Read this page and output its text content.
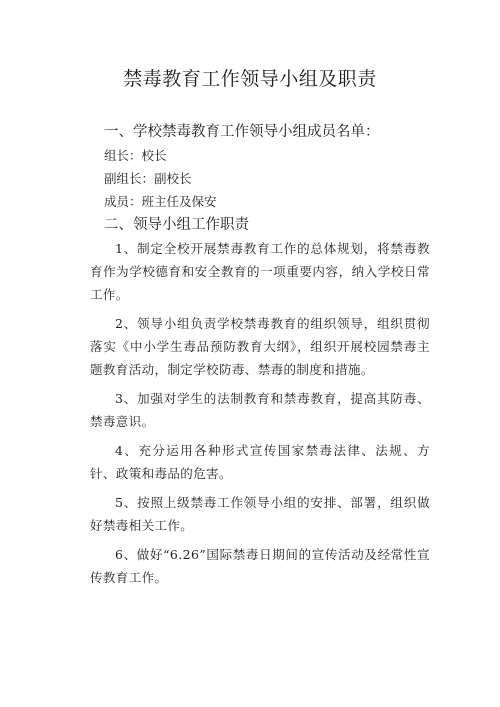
禁毒教育工作领导小组及职责

一、学校禁毒教育工作领导小组成员名单：

组长：校长

副组长：副校长

成员：班主任及保安

二、领导小组工作职责

1、制定全校开展禁毒教育工作的总体规划，将禁毒教育作为学校德育和安全教育的一项重要内容，纳入学校日常工作。

2、领导小组负责学校禁毒教育的组织领导，组织贯彻落实《中小学生毒品预防教育大纲》，组织开展校园禁毒主题教育活动，制定学校防毒、禁毒的制度和措施。

3、加强对学生的法制教育和禁毒教育，提高其防毒、禁毒意识。

4、充分运用各种形式宣传国家禁毒法律、法规、方针、政策和毒品的危害。

5、按照上级禁毒工作领导小组的安排、部署，组织做好禁毒相关工作。

6、做好“6.26”国际禁毒日期间的宣传活动及经常性宣传教育工作。
